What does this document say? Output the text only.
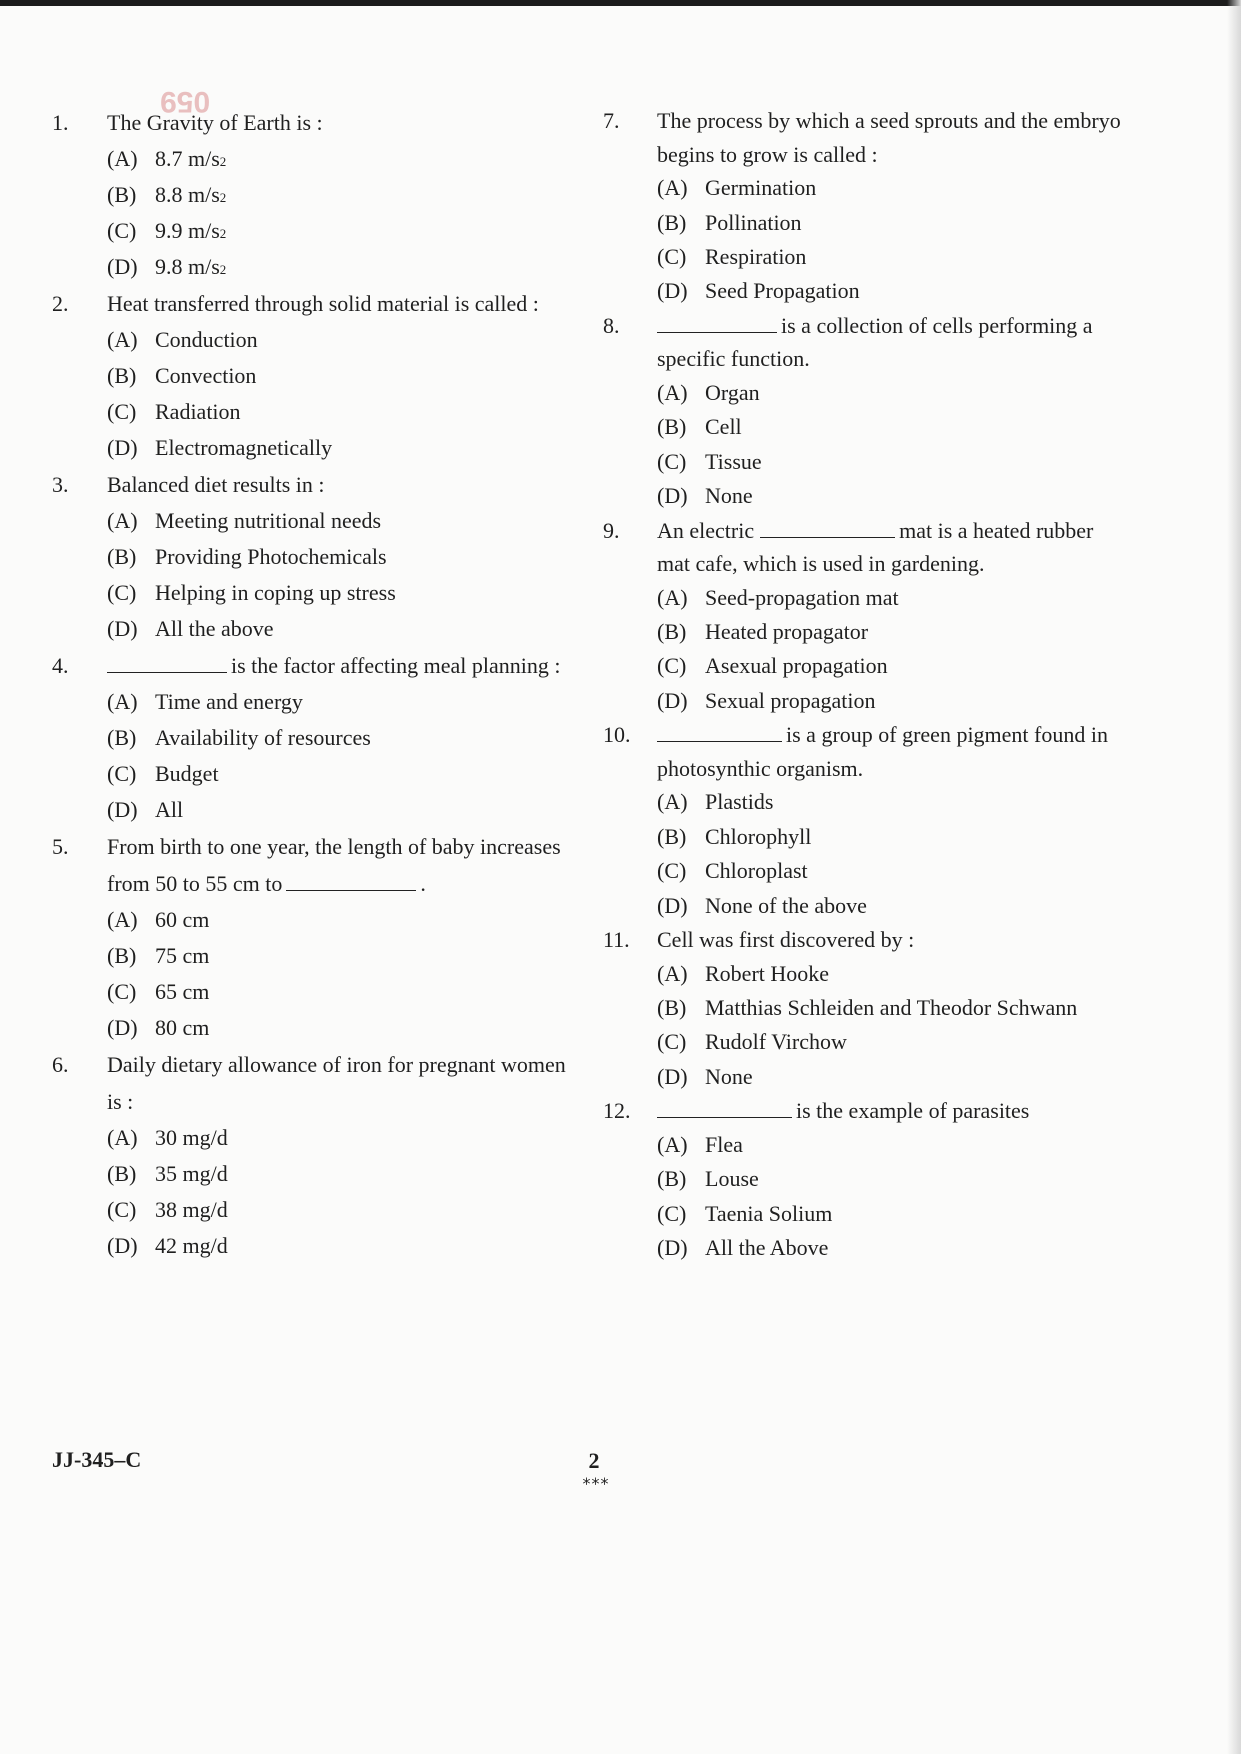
059
1.	The Gravity of Earth is :
(A) 8.7 m/s 2
(B) 8.8 m/s 2
(C) 9.9 m/s 2
(D) 9.8 m/s 2
2.	Heat transferred through solid material is called :
(A) Conduction
(B) Convection
(C) Radiation
(D) Electromagnetically
3.	Balanced diet results in :
(A) Meeting nutritional needs
(B) Providing Photochemicals
(C) Helping in coping up stress
(D) All the above
4.	is the factor affecting meal planning :
(A) Time and energy
(B) Availability of resources
(C) Budget
(D) All
5.	From birth to one year, the length of baby increases
from 50 to 55 cm to	.
(A) 60 cm
(B) 75 cm
(C) 65 cm
(D) 80 cm
6.	Daily dietary allowance of iron for pregnant women
is :
(A) 30 mg/d
(B) 35 mg/d
(C) 38 mg/d
(D) 42 mg/d
7.	The process by which a seed sprouts and the embryo
begins to grow is called :
(A) Germination
(B) Pollination
(C) Respiration
(D) Seed Propagation
8.	is a collection of cells performing a
specific function.
(A) Organ
(B) Cell
(C) Tissue
(D) None
9.	An electric	mat is a heated rubber
mat cafe, which is used in gardening.
(A) Seed-propagation mat
(B) Heated propagator
(C) Asexual propagation
(D) Sexual propagation
10.	is a group of green pigment found in
photosynthic organism.
(A) Plastids
(B) Chlorophyll
(C) Chloroplast
(D) None of the above
11.	Cell was first discovered by :
(A) Robert Hooke
(B) Matthias Schleiden and Theodor Schwann
(C) Rudolf Virchow
(D) None
12.	is the example of parasites
(A) Flea
(B) Louse
(C) Taenia Solium
(D) All the Above
JJ-345–C	2
***
